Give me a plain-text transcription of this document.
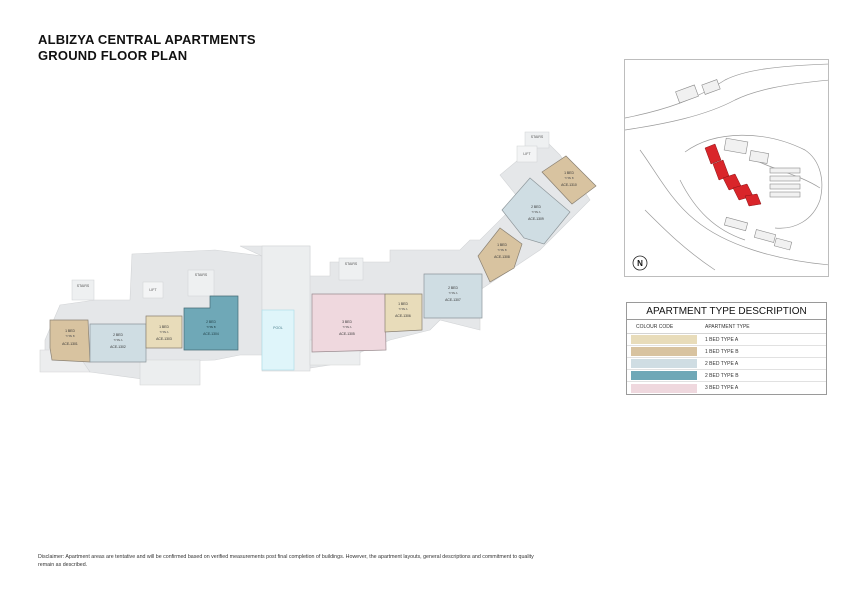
ALBIZYA CENTRAL APARTMENTS
GROUND FLOOR PLAN
STAIRS
LIFT
STAIRS
STAIRS
STAIRS
LIFT
POOL
1 BED
TYPE B
ACE-1301
2 BED
TYPE A
ACE-1302
1 BED
TYPE A
ACE-1303
2 BED
TYPE B
ACE-1304
3 BED
TYPE A
ACE-1305
1 BED
TYPE A
ACE-1306
2 BED
TYPE A
ACE-1307
1 BED
TYPE B
ACE-1308
2 BED
TYPE A
ACE-1309
1 BED
TYPE B
ACE-1310
N
APARTMENT TYPE DESCRIPTION
COLOUR CODE	APARTMENT TYPE
1 BED TYPE A
1 BED TYPE B
2 BED TYPE A
2 BED TYPE B
3 BED TYPE A
Disclaimer: Apartment areas are tentative and will be confirmed based on verified measurements post final completion of buildings. However, the apartment layouts, general descriptions and commitment to quality remain as described.
